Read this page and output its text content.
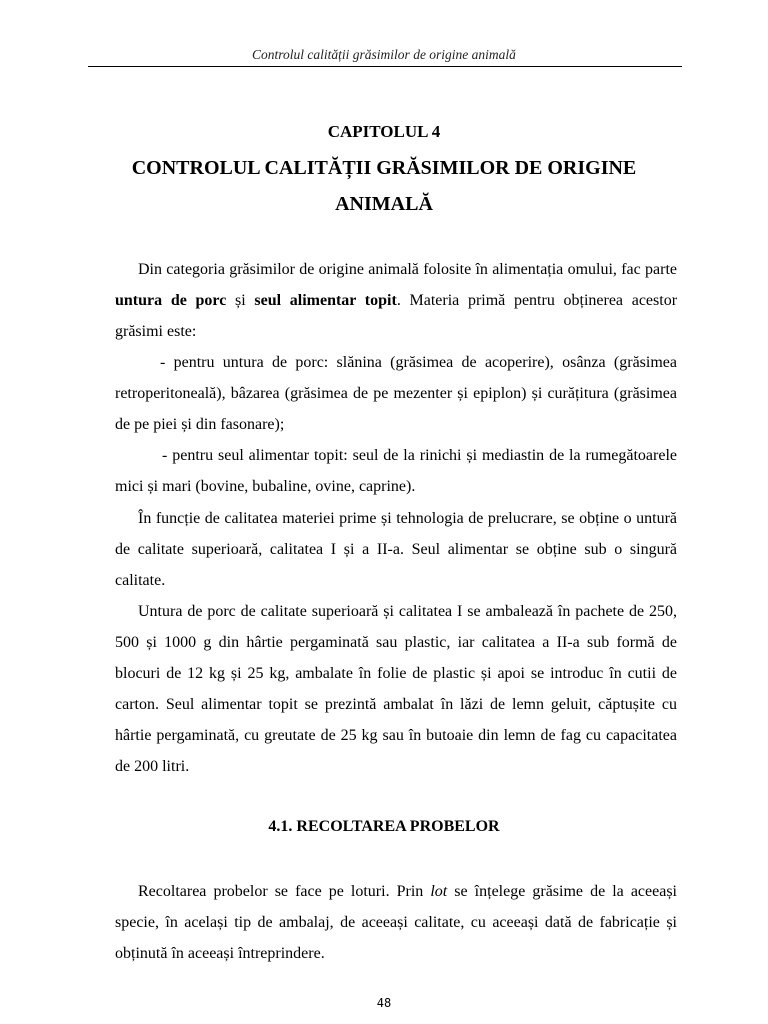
Controlul calității grăsimilor de origine animală
CAPITOLUL 4
CONTROLUL CALITĂȚII GRĂSIMILOR DE ORIGINE ANIMALĂ

Din categoria grăsimilor de origine animală folosite în alimentația omului, fac parte untura de porc și seul alimentar topit. Materia primă pentru obținerea acestor grăsimi este:

- pentru untura de porc: slănina (grăsimea de acoperire), osânza (grăsimea retroperitoneală), bâzarea (grăsimea de pe mezenter și epiplon) și curățitura (grăsimea de pe piei și din fasonare);

- pentru seul alimentar topit: seul de la rinichi și mediastin de la rumegătoarele mici și mari (bovine, bubaline, ovine, caprine).

În funcție de calitatea materiei prime și tehnologia de prelucrare, se obține o untură de calitate superioară, calitatea I și a II-a. Seul alimentar se obține sub o singură calitate.

Untura de porc de calitate superioară și calitatea I se ambalează în pachete de 250, 500 și 1000 g din hârtie pergaminată sau plastic, iar calitatea a II-a sub formă de blocuri de 12 kg și 25 kg, ambalate în folie de plastic și apoi se introduc în cutii de carton. Seul alimentar topit se prezintă ambalat în lăzi de lemn geluit, căptușite cu hârtie pergaminată, cu greutate de 25 kg sau în butoaie din lemn de fag cu capacitatea de 200 litri.

4.1. RECOLTAREA PROBELOR

Recoltarea probelor se face pe loturi. Prin lot se înțelege grăsime de la aceeași specie, în același tip de ambalaj, de aceeași calitate, cu aceeași dată de fabricație și obținută în aceeași întreprindere.

48
